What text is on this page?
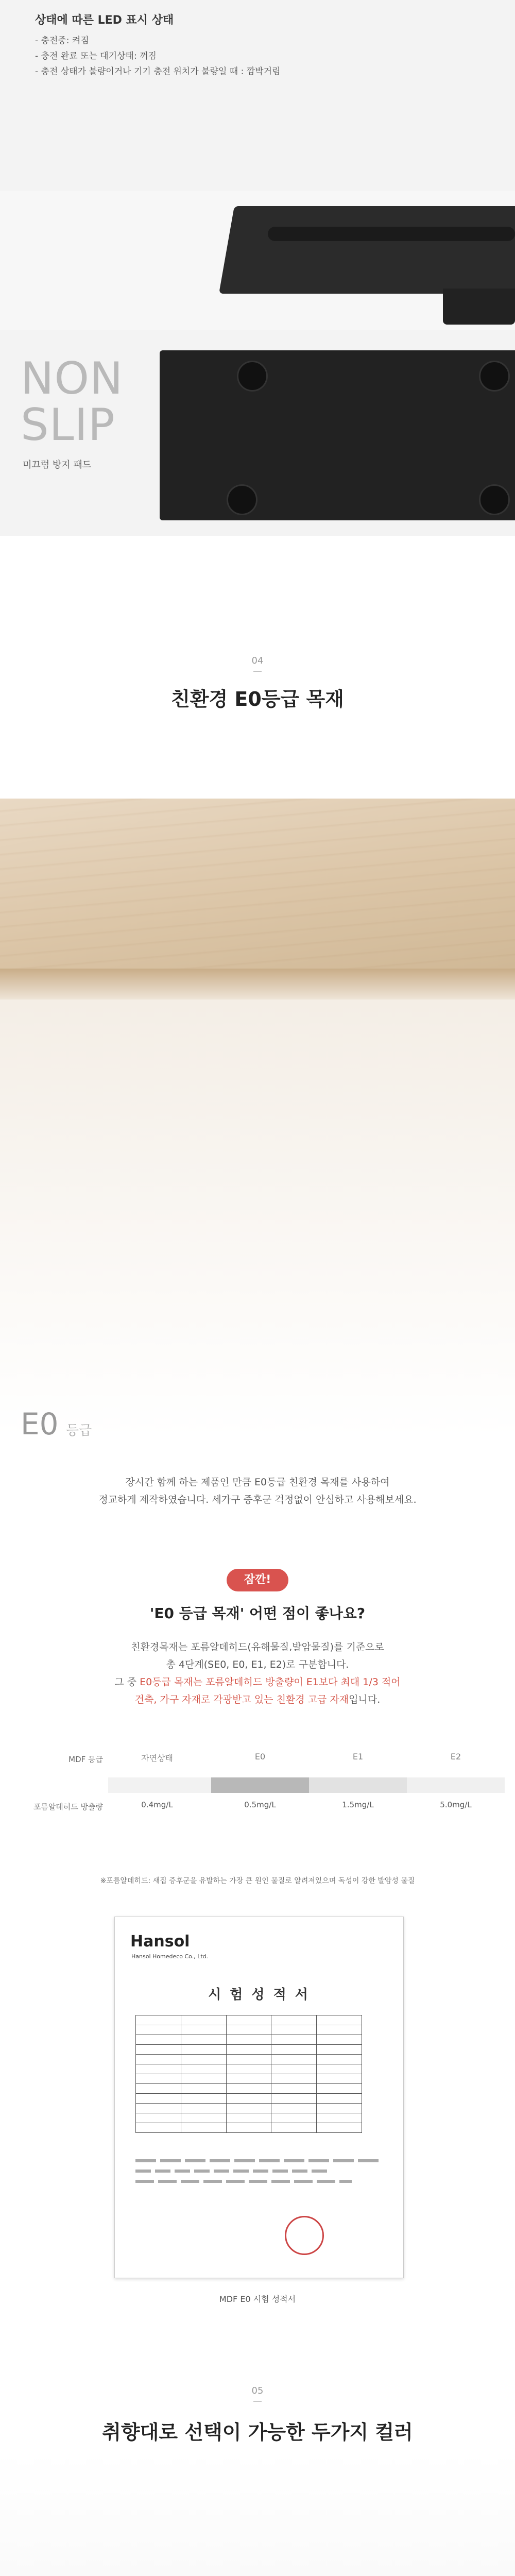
상태에 따른 LED 표시 상태
- 충전중: 켜짐
- 충전 완료 또는 대기상태: 꺼짐
- 충전 상태가 불량이거나 기기 충전 위치가 불량일 때 : 깜박거림
NON
SLIP
미끄럼 방지 패드
04
친환경 E0등급 목재
E0 등급
장시간 함께 하는 제품인 만큼 E0등급 친환경 목재를 사용하여
정교하게 제작하였습니다. 세가구 증후군 걱정없이 안심하고 사용해보세요.
잠깐!
'E0 등급 목재' 어떤 점이 좋나요?
친환경목재는 포름알데히드(유해물질,발암물질)를 기준으로
총 4단계(SE0, E0, E1, E2)로 구분합니다.
그 중 E0등급 목재는 포름알데히드 방출량이 E1보다 최대 1/3 적어
건축, 가구 자재로 각광받고 있는 친환경 고급 자재입니다.
MDF 등급
포름알데히드 방출량
자연상태	E0	E1	E2
0.4mg/L	0.5mg/L	1.5mg/L	5.0mg/L
※포름알데히드: 새집 증후군을 유발하는 가장 큰 원인 물질로 알려져있으며 독성이 강한 발암성 물질
Hansol
Hansol Homedeco Co., Ltd.
시 험 성 적 서

MDF E0 시험 성적서
05
취향대로 선택이 가능한 두가지 컬러
